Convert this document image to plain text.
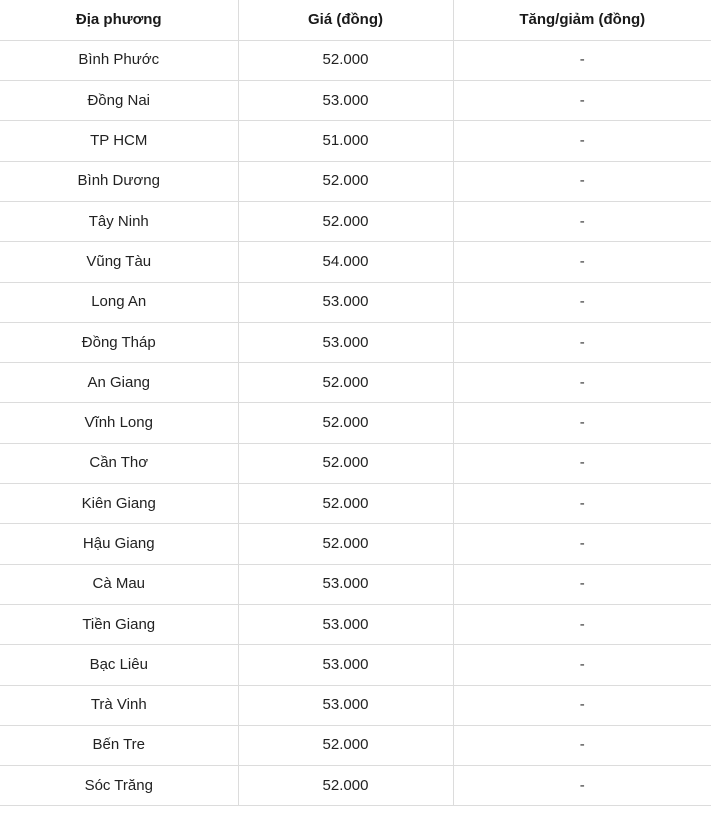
Địa phương	Giá (đồng)	Tăng/giảm (đồng)
Bình Phước	52.000	-
Đồng Nai	53.000	-
TP HCM	51.000	-
Bình Dương	52.000	-
Tây Ninh	52.000	-
Vũng Tàu	54.000	-
Long An	53.000	-
Đồng Tháp	53.000	-
An Giang	52.000	-
Vĩnh Long	52.000	-
Cần Thơ	52.000	-
Kiên Giang	52.000	-
Hậu Giang	52.000	-
Cà Mau	53.000	-
Tiền Giang	53.000	-
Bạc Liêu	53.000	-
Trà Vinh	53.000	-
Bến Tre	52.000	-
Sóc Trăng	52.000	-
